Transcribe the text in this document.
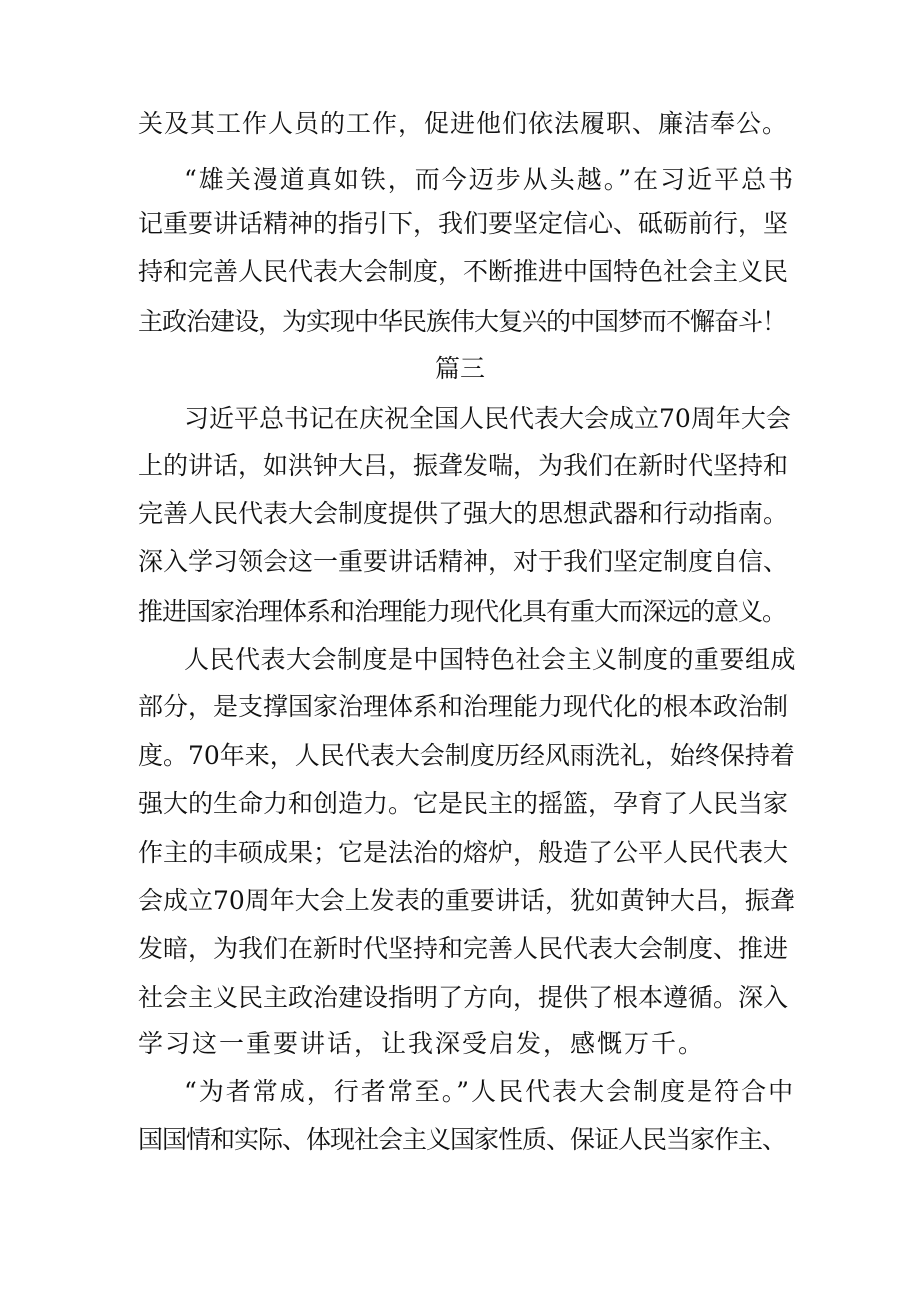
关及其工作人员的工作，促进他们依法履职、廉洁奉公。
“雄关漫道真如铁，而今迈步从头越。”在习近平总书
记重要讲话精神的指引下，我们要坚定信心、砥砺前行，坚
持和完善人民代表大会制度，不断推进中国特色社会主义民
主政治建设，为实现中华民族伟大复兴的中国梦而不懈奋斗！
篇三
习近平总书记在庆祝全国人民代表大会成立70周年大会
上的讲话，如洪钟大吕，振聋发喘，为我们在新时代坚持和
完善人民代表大会制度提供了强大的思想武器和行动指南。
深入学习领会这一重要讲话精神，对于我们坚定制度自信、
推进国家治理体系和治理能力现代化具有重大而深远的意义。
人民代表大会制度是中国特色社会主义制度的重要组成
部分，是支撑国家治理体系和治理能力现代化的根本政治制
度。70年来，人民代表大会制度历经风雨洗礼，始终保持着
强大的生命力和创造力。它是民主的摇篮，孕育了人民当家
作主的丰硕成果；它是法治的熔炉，般造了公平人民代表大
会成立70周年大会上发表的重要讲话，犹如黄钟大吕，振聋
发暗，为我们在新时代坚持和完善人民代表大会制度、推进
社会主义民主政治建设指明了方向，提供了根本遵循。深入
学习这一重要讲话，让我深受启发，感慨万千。
“为者常成，行者常至。”人民代表大会制度是符合中
国国情和实际、体现社会主义国家性质、保证人民当家作主、
